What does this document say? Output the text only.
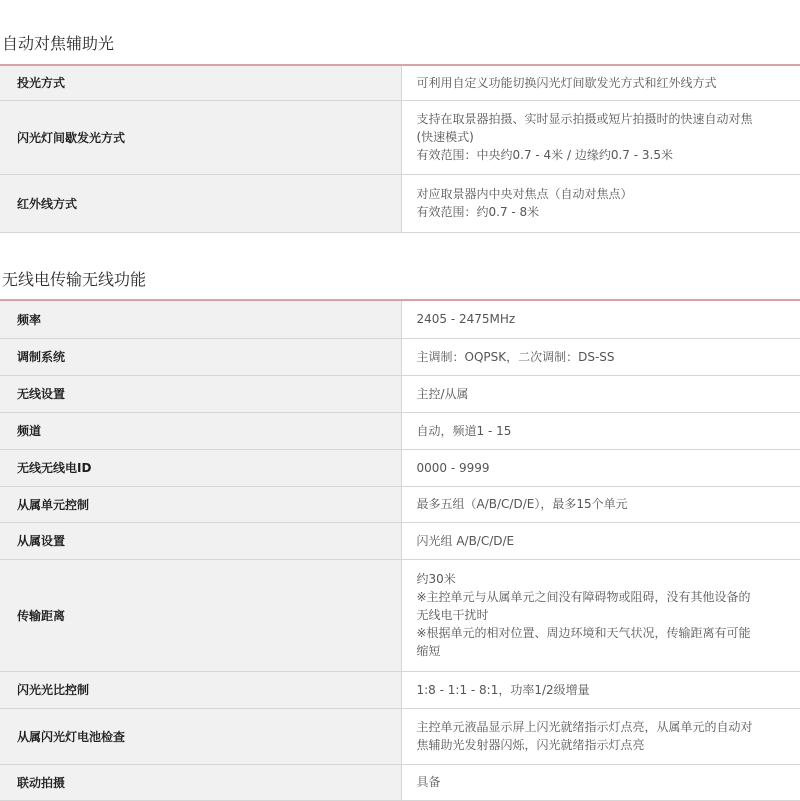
自动对焦辅助光
投光方式	可利用自定义功能切换闪光灯间歇发光方式和红外线方式

闪光灯间歇发光方式	支持在取景器拍摄、实时显示拍摄或短片拍摄时的快速自动对焦
(快速模式)
有效范围：中央约0.7 - 4米 / 边缘约0.7 - 3.5米

红外线方式	对应取景器内中央对焦点（自动对焦点）
有效范围：约0.7 - 8米
无线电传输无线功能
频率	2405 - 2475MHz

调制系统	主调制：OQPSK，二次调制：DS-SS

无线设置	主控/从属

频道	自动，频道1 - 15

无线无线电ID	0000 - 9999

从属单元控制	最多五组（A/B/C/D/E），最多15个单元

从属设置	闪光组 A/B/C/D/E

传输距离	约30米
※主控单元与从属单元之间没有障碍物或阻碍，没有其他设备的
无线电干扰时
※根据单元的相对位置、周边环境和天气状况，传输距离有可能
缩短

闪光光比控制	1:8 - 1:1 - 8:1，功率1/2级增量

从属闪光灯电池检查	主控单元液晶显示屏上闪光就绪指示灯点亮，从属单元的自动对
焦辅助光发射器闪烁，闪光就绪指示灯点亮

联动拍摄	具备
